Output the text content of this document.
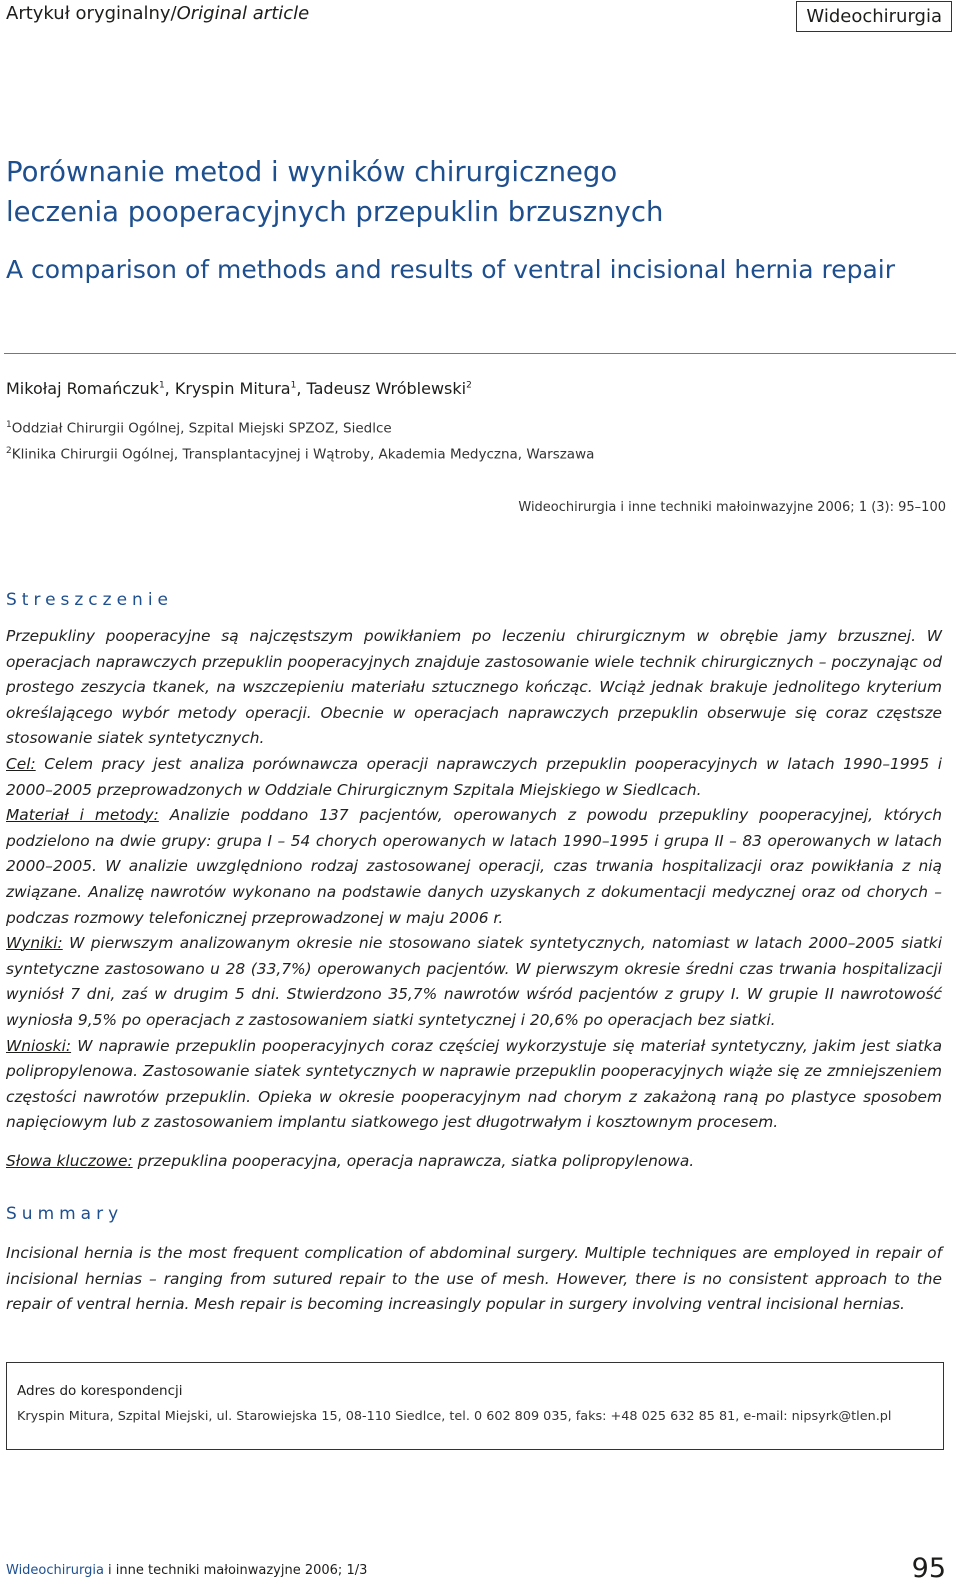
Artykuł oryginalny/Original article	Wideochirurgia
Porównanie metod i wyników chirurgicznego
leczenia pooperacyjnych przepuklin brzusznych
A comparison of methods and results of ventral incisional hernia repair
Mikołaj Romańczuk$^1$, Kryspin Mitura$^1$, Tadeusz Wróblewski$^2$
$^1$Oddział Chirurgii Ogólnej, Szpital Miejski SPZOZ, Siedlce
$^2$Klinika Chirurgii Ogólnej, Transplantacyjnej i Wątroby, Akademia Medyczna, Warszawa
Wideochirurgia i inne techniki małoinwazyjne 2006; 1 (3): 95–100
Streszczenie

Przepukliny pooperacyjne są najczęstszym powikłaniem po leczeniu chirurgicznym w obrębie jamy brzusznej. W operacjach naprawczych przepuklin pooperacyjnych znajduje zastosowanie wiele technik chirurgicznych – poczynając od prostego zeszycia tkanek, na wszczepieniu materiału sztucznego kończąc. Wciąż jednak brakuje jednolitego kryterium określającego wybór metody operacji. Obecnie w operacjach naprawczych przepuklin obserwuje się coraz częstsze stosowanie siatek syntetycznych.

Cel: Celem pracy jest analiza porównawcza operacji naprawczych przepuklin pooperacyjnych w latach 1990–1995 i 2000–2005 przeprowadzonych w Oddziale Chirurgicznym Szpitala Miejskiego w Siedlcach.

Materiał i metody: Analizie poddano 137 pacjentów, operowanych z powodu przepukliny pooperacyjnej, których podzielono na dwie grupy: grupa I – 54 chorych operowanych w latach 1990–1995 i grupa II – 83 operowanych w latach 2000–2005. W analizie uwzględniono rodzaj zastosowanej operacji, czas trwania hospitalizacji oraz powikłania z nią związane. Analizę nawrotów wykonano na podstawie danych uzyskanych z dokumentacji medycznej oraz od chorych – podczas rozmowy telefonicznej przeprowadzonej w maju 2006 r.

Wyniki: W pierwszym analizowanym okresie nie stosowano siatek syntetycznych, natomiast w latach 2000–2005 siatki syntetyczne zastosowano u 28 (33,7%) operowanych pacjentów. W pierwszym okresie średni czas trwania hospitalizacji wyniósł 7 dni, zaś w drugim 5 dni. Stwierdzono 35,7% nawrotów wśród pacjentów z grupy I. W grupie II nawrotowość wyniosła 9,5% po operacjach z zastosowaniem siatki syntetycznej i 20,6% po operacjach bez siatki.

Wnioski: W naprawie przepuklin pooperacyjnych coraz częściej wykorzystuje się materiał syntetyczny, jakim jest siatka polipropylenowa. Zastosowanie siatek syntetycznych w naprawie przepuklin pooperacyjnych wiąże się ze zmniejszeniem częstości nawrotów przepuklin. Opieka w okresie pooperacyjnym nad chorym z zakażoną raną po plastyce sposobem napięciowym lub z zastosowaniem implantu siatkowego jest długotrwałym i kosztownym procesem.

Słowa kluczowe: przepuklina pooperacyjna, operacja naprawcza, siatka polipropylenowa.
Summary
Incisional hernia is the most frequent complication of abdominal surgery. Multiple techniques are employed in repair of incisional hernias – ranging from sutured repair to the use of mesh. However, there is no consistent approach to the repair of ventral hernia. Mesh repair is becoming increasingly popular in surgery involving ventral incisional hernias.
Adres do korespondencji
Kryspin Mitura, Szpital Miejski, ul. Starowiejska 15, 08-110 Siedlce, tel. 0 602 809 035, faks: +48 025 632 85 81, e-mail: nipsyrk@tlen.pl
Wideochirurgia i inne techniki małoinwazyjne 2006; 1/3	95
